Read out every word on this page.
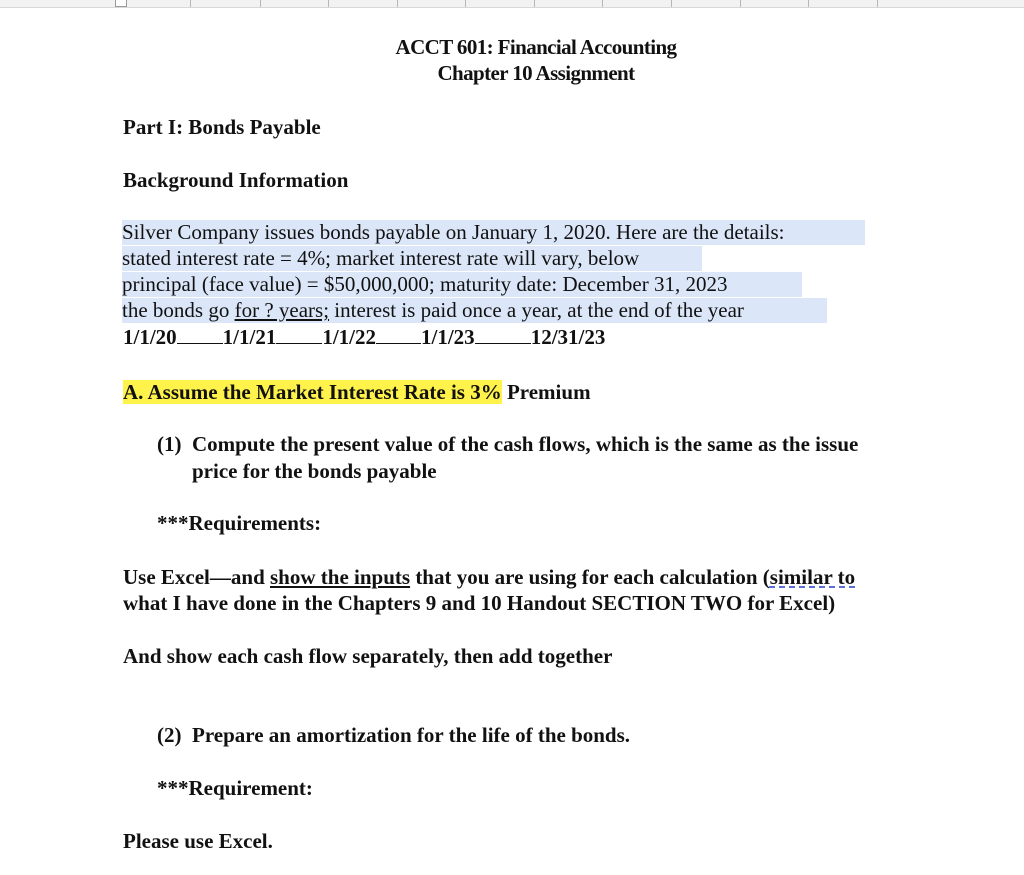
ACCT 601: Financial Accounting
Chapter 10 Assignment
Part I: Bonds Payable
Background Information
Silver Company issues bonds payable on January 1, 2020. Here are the details:
stated interest rate = 4%; market interest rate will vary, below
principal (face value) = $50,000,000; maturity date: December 31, 2023
the bonds go for ? years; interest is paid once a year, at the end of the year
1/1/20 1/1/21 1/1/22 1/1/23	12/31/23
A. Assume the Market Interest Rate is 3% Premium
(1) Compute the present value of the cash flows, which is the same as the issue
price for the bonds payable
***Requirements:
Use Excel—and show the inputs that you are using for each calculation (similar to
what I have done in the Chapters 9 and 10 Handout SECTION TWO for Excel)
And show each cash flow separately, then add together
(2) Prepare an amortization for the life of the bonds.
***Requirement:
Please use Excel.
